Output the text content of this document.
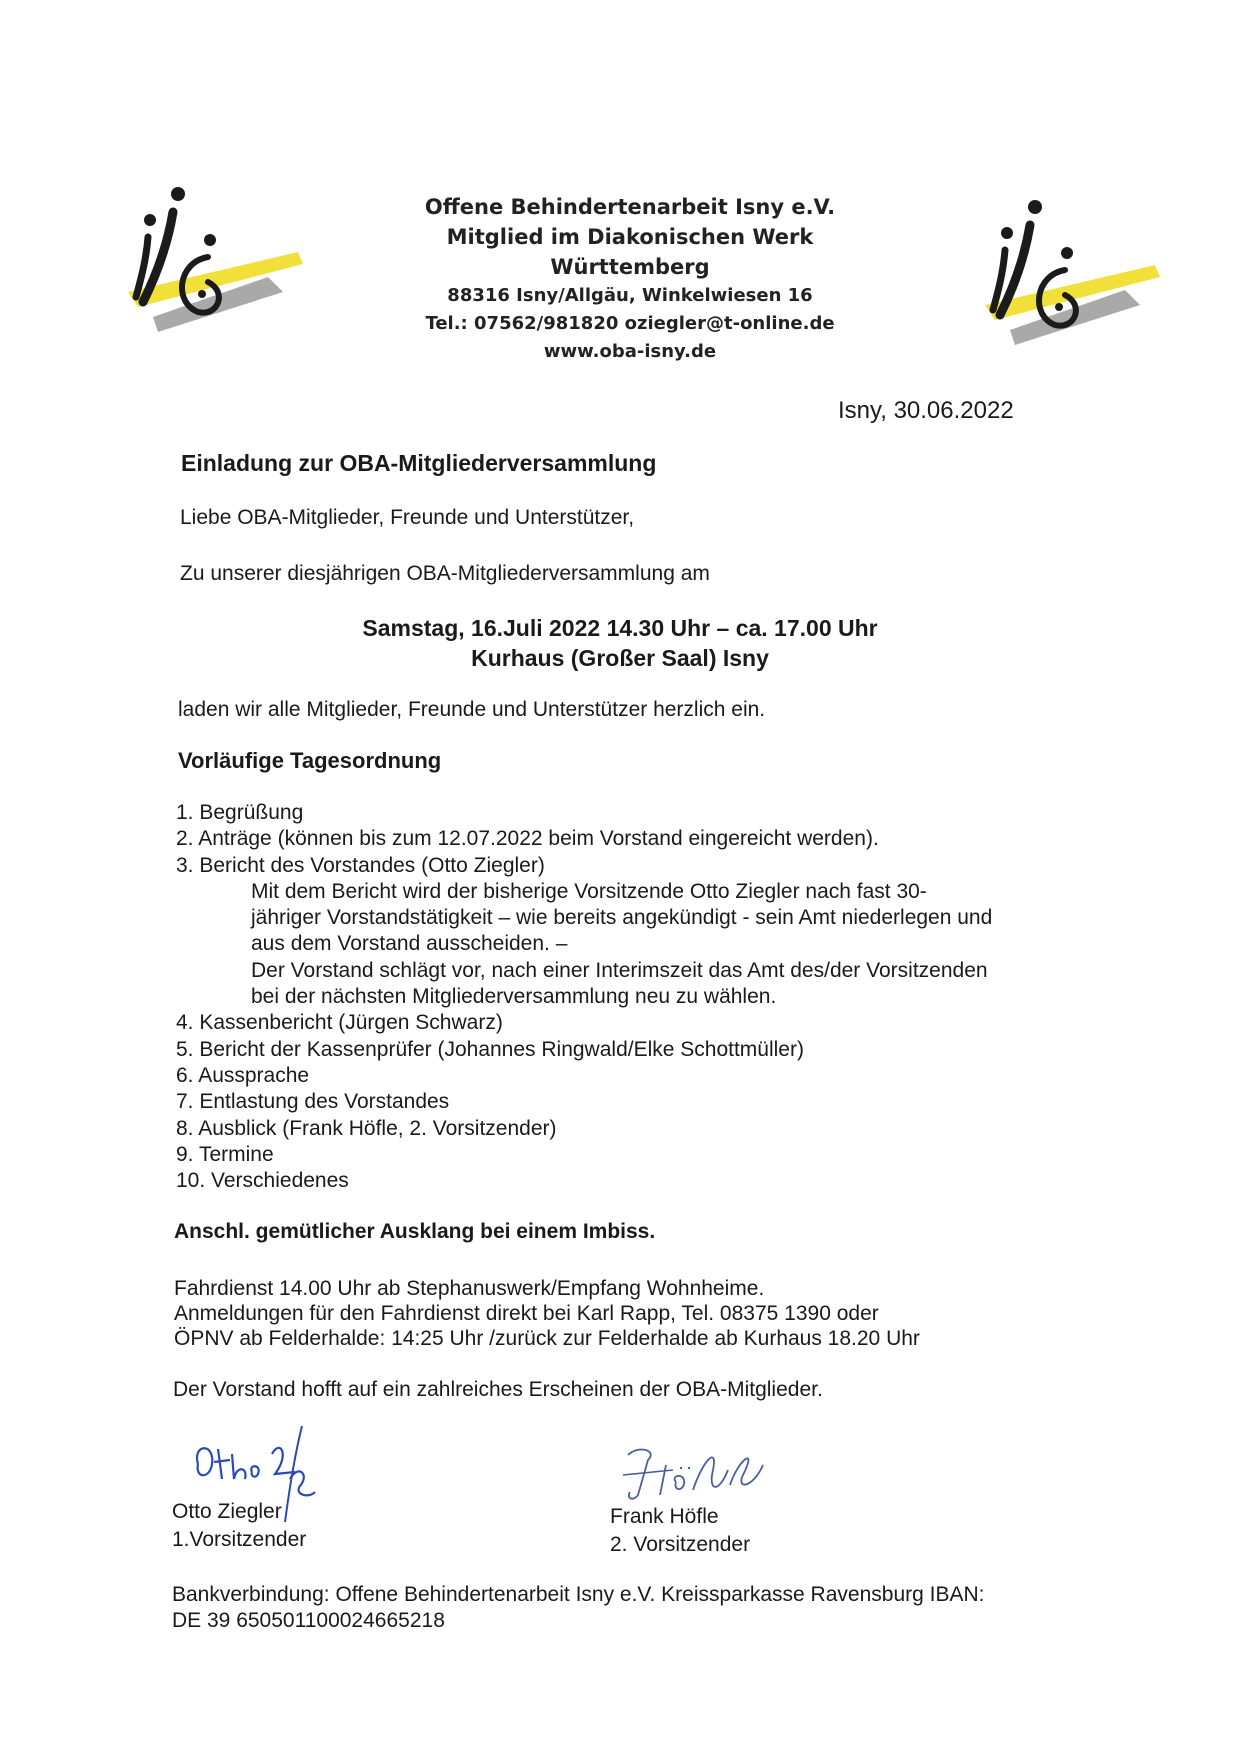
Offene Behindertenarbeit Isny e.V.
Mitglied im Diakonischen Werk Württemberg
88316 Isny/Allgäu, Winkelwiesen 16
Tel.: 07562/981820 oziegler@t-online.de
www.oba-isny.de
Isny, 30.06.2022
Einladung zur OBA-Mitgliederversammlung
Liebe OBA-Mitglieder, Freunde und Unterstützer,
Zu unserer diesjährigen OBA-Mitgliederversammlung am
Samstag, 16.Juli 2022 14.30 Uhr – ca. 17.00 Uhr
Kurhaus (Großer Saal) Isny
laden wir alle Mitglieder, Freunde und Unterstützer herzlich ein.
Vorläufige Tagesordnung
1. Begrüßung
2. Anträge (können bis zum 12.07.2022 beim Vorstand eingereicht werden).
3. Bericht des Vorstandes (Otto Ziegler)
Mit dem Bericht wird der bisherige Vorsitzende Otto Ziegler nach fast 30-
jähriger Vorstandstätigkeit – wie bereits angekündigt - sein Amt niederlegen und
aus dem Vorstand ausscheiden. –
Der Vorstand schlägt vor, nach einer Interimszeit das Amt des/der Vorsitzenden
bei der nächsten Mitgliederversammlung neu zu wählen.
4. Kassenbericht (Jürgen Schwarz)
5. Bericht der Kassenprüfer (Johannes Ringwald/Elke Schottmüller)
6. Aussprache
7. Entlastung des Vorstandes
8. Ausblick (Frank Höfle, 2. Vorsitzender)
9. Termine
10. Verschiedenes
Anschl. gemütlicher Ausklang bei einem Imbiss.
Fahrdienst 14.00 Uhr ab Stephanuswerk/Empfang Wohnheime.
Anmeldungen für den Fahrdienst direkt bei Karl Rapp, Tel. 08375 1390 oder
ÖPNV ab Felderhalde: 14:25 Uhr /zurück zur Felderhalde ab Kurhaus 18.20 Uhr
Der Vorstand hofft auf ein zahlreiches Erscheinen der OBA-Mitglieder.
Otto Ziegler
1.Vorsitzender
Frank Höfle
2. Vorsitzender
Bankverbindung: Offene Behindertenarbeit Isny e.V. Kreissparkasse Ravensburg IBAN:
DE 39 650501100024665218
